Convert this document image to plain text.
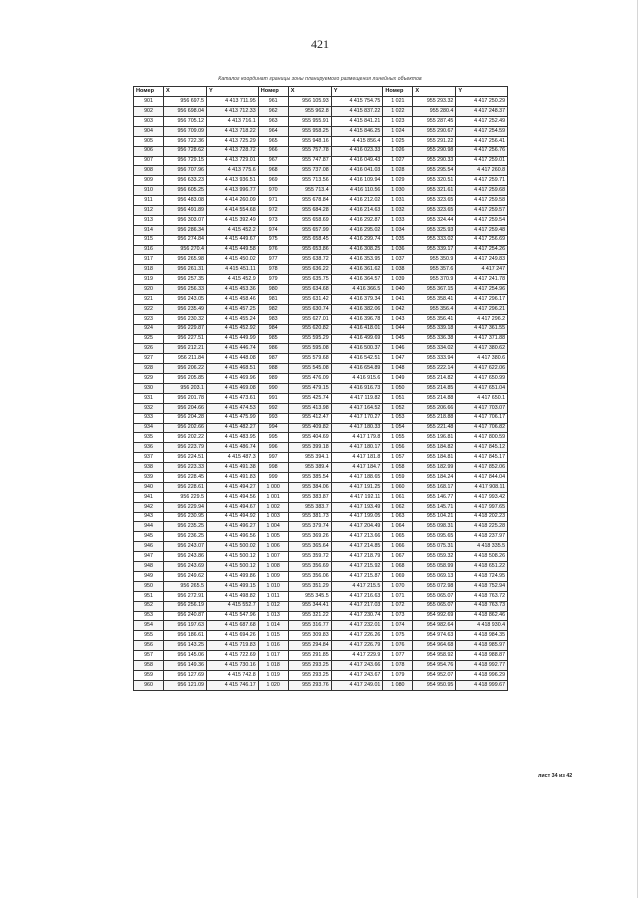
421
Каталог координат границы зоны планируемого размещения линейных объектов
Номер	X	Y	Номер	X	Y	Номер	X	Y
901	956 697.5	4 413 711.95	961	956 105.93	4 415 754.75	1 021	955 293.32	4 417 250.29
902	956 698.04	4 413 712.33	962	955 962.8	4 415 837.22	1 022	955 280.4	4 417 248.37
903	956 705.12	4 413 716.1	963	955 955.91	4 415 841.21	1 023	955 287.45	4 417 252.49
904	956 709.09	4 413 718.22	964	955 958.25	4 415 846.25	1 024	955 290.67	4 417 254.59
905	956 722.36	4 413 725.29	965	955 948.16	4 415 856.4	1 025	955 291.22	4 417 256.41
906	956 728.62	4 413 728.72	966	955 757.78	4 416 023.33	1 026	955 290.98	4 417 256.76
907	956 729.15	4 413 729.01	967	955 747.87	4 416 049.43	1 027	955 290.33	4 417 259.01
908	956 707.96	4 413 775.6	968	955 737.08	4 416 041.03	1 028	955 295.54	4 417 260.8
909	956 633.23	4 413 936.51	969	955 713.56	4 416 109.94	1 029	955 320.51	4 417 259.71
910	956 605.25	4 413 996.77	970	955 713.4	4 416 110.56	1 030	955 321.61	4 417 259.68
911	956 483.08	4 414 260.09	971	955 678.84	4 416 212.02	1 031	955 323.65	4 417 259.58
912	956 491.89	4 414 554.68	972	955 684.28	4 416 214.63	1 032	955 323.65	4 417 259.57
913	956 303.07	4 415 392.49	973	955 658.69	4 416 292.87	1 033	955 324.44	4 417 259.54
914	956 286.34	4 415 452.2	974	955 657.99	4 416 295.02	1 034	955 325.93	4 417 259.48
915	956 274.84	4 415 449.67	975	955 658.45	4 416 299.74	1 035	955 333.02	4 417 256.69
916	956 270.4	4 415 449.58	976	955 653.86	4 416 308.25	1 036	955 339.17	4 417 254.26
917	956 265.98	4 415 450.02	977	955 638.72	4 416 353.95	1 037	955 350.9	4 417 249.83
918	956 261.31	4 415 451.11	978	955 636.22	4 416 361.62	1 038	955 357.6	4 417 247
919	956 257.35	4 415 452.9	979	955 635.75	4 416 364.57	1 039	955 370.9	4 417 241.78
920	956 256.33	4 415 453.36	980	955 634.68	4 416 366.5	1 040	955 367.15	4 417 254.96
921	956 243.05	4 415 458.46	981	955 631.42	4 416 379.34	1 041	955 358.41	4 417 296.17
922	956 235.49	4 415 457.25	982	955 630.74	4 416 382.06	1 042	955 356.4	4 417 296.21
923	956 230.32	4 415 455.24	983	955 627.01	4 416 396.78	1 043	955 356.41	4 417 296.2
924	956 229.87	4 415 452.92	984	955 620.82	4 416 418.01	1 044	955 339.18	4 417 361.55
925	956 227.51	4 415 449.99	985	955 595.29	4 416 499.69	1 045	955 336.38	4 417 371.88
926	956 212.21	4 415 446.74	986	955 595.08	4 416 500.37	1 046	955 334.02	4 417 380.62
927	956 211.84	4 415 448.08	987	955 579.68	4 416 542.51	1 047	955 333.94	4 417 380.6
928	956 206.22	4 415 468.51	988	955 545.08	4 416 654.89	1 048	955 222.14	4 417 622.06
929	956 205.85	4 415 469.96	989	955 476.09	4 416 915.6	1 049	955 214.82	4 417 650.99
930	956 203.1	4 415 469.08	990	955 479.15	4 416 916.73	1 050	955 214.85	4 417 651.04
931	956 201.78	4 415 473.61	991	955 425.74	4 417 119.82	1 051	955 214.88	4 417 650.1
932	956 204.66	4 415 474.53	992	955 413.98	4 417 164.52	1 052	955 206.66	4 417 703.07
933	956 204.28	4 415 475.99	993	955 412.47	4 417 170.27	1 053	955 218.88	4 417 706.17
934	956 202.66	4 415 482.27	994	955 409.82	4 417 180.33	1 054	955 221.48	4 417 706.82
935	956 202.22	4 415 483.95	995	955 404.69	4 417 179.8	1 055	955 196.81	4 417 800.59
936	956 223.79	4 415 486.74	996	955 399.18	4 417 180.17	1 056	955 184.82	4 417 845.12
937	956 224.51	4 415 487.3	997	955 394.1	4 417 181.8	1 057	955 184.81	4 417 845.17
938	956 223.33	4 415 491.38	998	955 389.4	4 417 184.7	1 058	955 182.99	4 417 852.06
939	956 228.45	4 415 491.83	999	955 385.54	4 417 188.65	1 059	955 184.24	4 417 844.04
940	956 228.61	4 415 494.27	1 000	955 384.06	4 417 191.25	1 060	955 168.17	4 417 908.11
941	956 229.5	4 415 494.56	1 001	955 383.87	4 417 192.11	1 061	955 146.77	4 417 993.42
942	956 229.94	4 415 494.67	1 002	955 383.7	4 417 193.49	1 062	955 145.71	4 417 997.65
943	956 230.95	4 415 494.92	1 003	955 381.73	4 417 199.05	1 063	955 104.21	4 418 202.23
944	956 235.25	4 415 496.27	1 004	955 379.74	4 417 204.49	1 064	955 098.31	4 418 225.28
945	956 236.25	4 415 496.56	1 005	955 369.26	4 417 213.66	1 065	955 095.65	4 418 237.97
946	956 243.07	4 415 500.02	1 006	955 365.64	4 417 214.85	1 066	955 075.31	4 418 335.5
947	956 243.86	4 415 500.12	1 007	955 359.72	4 417 218.79	1 067	955 059.32	4 418 508.26
948	956 243.69	4 415 500.12	1 008	955 356.69	4 417 215.92	1 068	955 058.99	4 418 651.22
949	956 249.62	4 415 499.86	1 009	955 356.06	4 417 215.87	1 069	955 069.13	4 418 724.95
950	956 265.5	4 415 499.15	1 010	955 351.29	4 417 215.5	1 070	955 072.98	4 418 752.94
951	956 272.91	4 415 498.82	1 011	955 345.5	4 417 216.63	1 071	955 065.07	4 418 763.72
952	956 256.19	4 415 552.7	1 012	955 344.41	4 417 217.03	1 072	955 065.07	4 418 763.73
953	956 240.87	4 415 547.96	1 013	955 321.22	4 417 230.74	1 073	954 992.69	4 418 862.46
954	956 197.63	4 415 687.68	1 014	955 316.77	4 417 232.01	1 074	954 982.64	4 418 930.4
955	956 186.61	4 415 694.26	1 015	955 309.83	4 417 226.26	1 075	954 974.63	4 418 984.35
956	956 143.25	4 415 719.83	1 016	955 294.84	4 417 226.79	1 076	954 964.68	4 418 985.97
957	956 145.06	4 415 722.69	1 017	955 291.85	4 417 229.9	1 077	954 958.92	4 418 988.87
958	956 149.36	4 415 730.16	1 018	955 293.25	4 417 243.66	1 078	954 954.76	4 418 992.77
959	956 127.69	4 415 742.8	1 019	955 293.25	4 417 243.67	1 079	954 952.07	4 418 996.29
960	956 121.09	4 415 746.17	1 020	955 293.76	4 417 249.01	1 080	954 950.95	4 418 999.67
лист 34 из 42
